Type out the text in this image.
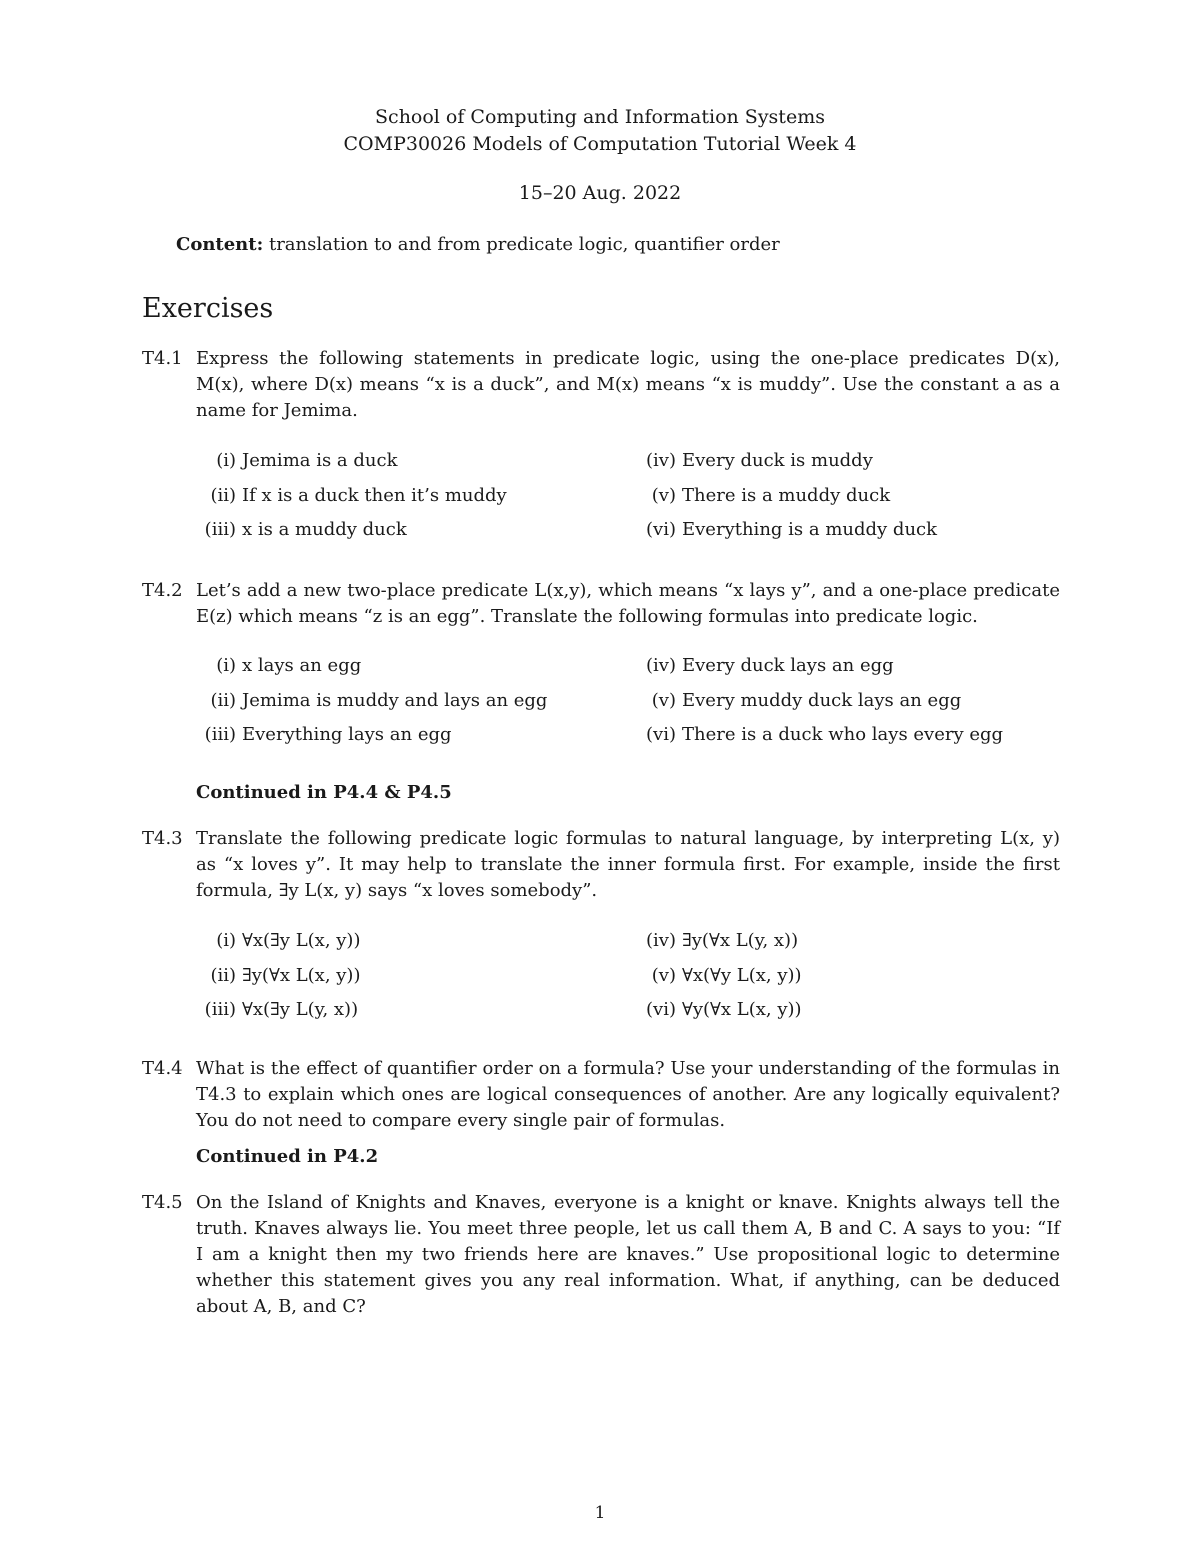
School of Computing and Information Systems
COMP30026 Models of Computation Tutorial Week 4
15–20 Aug. 2022
Content: translation to and from predicate logic, quantifier order
Exercises
T4.1 Express the following statements in predicate logic, using the one-place predicates D(x), M(x), where D(x) means “x is a duck”, and M(x) means “x is muddy”. Use the constant a as a name for Jemima.
(i) Jemima is a duck
(ii) If x is a duck then it’s muddy
(iii) x is a muddy duck
(iv) Every duck is muddy
(v) There is a muddy duck
(vi) Everything is a muddy duck
T4.2 Let’s add a new two-place predicate L(x,y), which means “x lays y”, and a one-place predicate E(z) which means “z is an egg”. Translate the following formulas into predicate logic.
(i) x lays an egg
(ii) Jemima is muddy and lays an egg
(iii) Everything lays an egg
(iv) Every duck lays an egg
(v) Every muddy duck lays an egg
(vi) There is a duck who lays every egg
Continued in P4.4 & P4.5
T4.3 Translate the following predicate logic formulas to natural language, by interpreting L(x, y) as “x loves y”. It may help to translate the inner formula first. For example, inside the first formula, ∃y L(x, y) says “x loves somebody”.
(i) ∀x(∃y L(x, y))
(ii) ∃y(∀x L(x, y))
(iii) ∀x(∃y L(y, x))
(iv) ∃y(∀x L(y, x))
(v) ∀x(∀y L(x, y))
(vi) ∀y(∀x L(x, y))
T4.4 What is the effect of quantifier order on a formula? Use your understanding of the formulas in T4.3 to explain which ones are logical consequences of another. Are any logically equivalent? You do not need to compare every single pair of formulas.
Continued in P4.2
T4.5 On the Island of Knights and Knaves, everyone is a knight or knave. Knights always tell the truth. Knaves always lie. You meet three people, let us call them A, B and C. A says to you: “If I am a knight then my two friends here are knaves.” Use propositional logic to determine whether this statement gives you any real information. What, if anything, can be deduced about A, B, and C?
1
